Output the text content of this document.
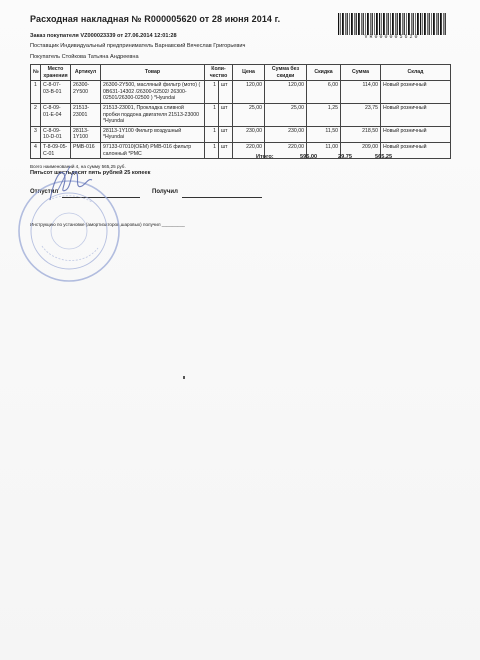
Расходная накладная № R000005620 от 28 июня 2014 г.
VR000005620
Заказ покупателя VZ000023339 от 27.06.2014 12:01:28
Поставщик Индивидуальный предприниматель Варнавский Вячеслав Григорьевич
Покупатель Стойкова Татьяна Андреевна
№	Место хранения	Артикул	Товар	Коли-чество		Цена	Сумма без скидки	Скидка	Сумма	Склад
1	C-8-07-03-B-01	26300-2Y500	26300-2Y500, масляный фильтр (мото) ( 0B631-14302 /26300-02502/ 26300-02501/26300-02500 ) *Hyundai	1	шт	120,00	120,00	6,00	114,00	Новый розничный
2	C-8-09-01-E-04	21513-23001	21513-23001, Прокладка сливной пробки поддона двигателя 21513-23000 *Hyundai	1	шт	25,00	25,00	1,25	23,75	Новый розничный
3	C-8-09-10-D-01	28113-1Y100	28113-1Y100 Фильтр воздушный *Hyundai	1	шт	230,00	230,00	11,50	218,50	Новый розничный
4	T-8-09-05-C-01	PMB-016	97133-07010(OEM) PMB-016 фильтр салонный *PMC	1	шт	220,00	220,00	11,00	209,00	Новый розничный
Итого:	595,00	29,75	565,25
Всего наименований 4, на сумму 565,25 руб.
Пятьсот шестьдесят пять рублей 25 копеек
Отпустил	Получил
Инструкцию по установке (амортизаторов,шаровых) получил _________
